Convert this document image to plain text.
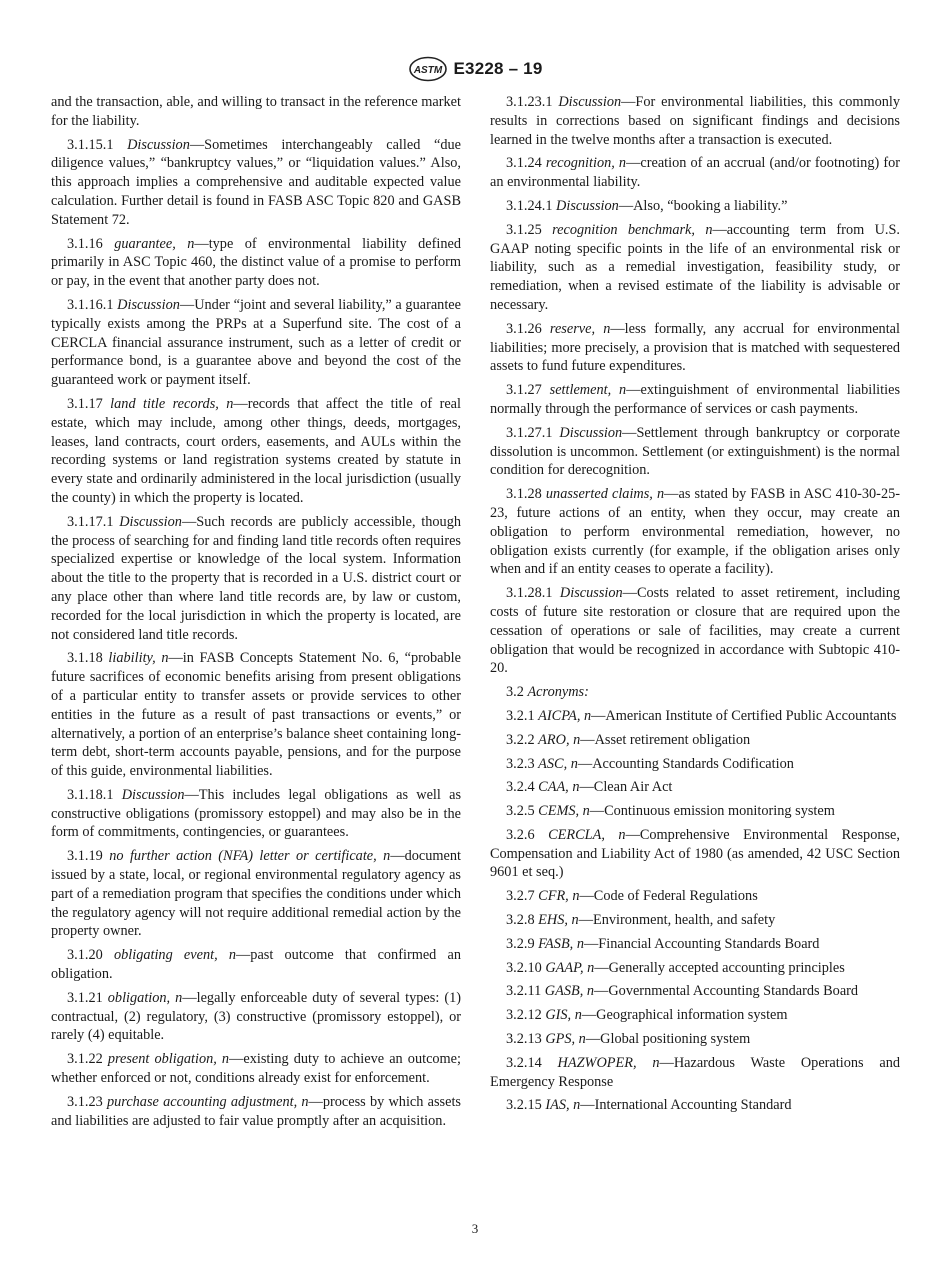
ASTM E3228 – 19

and the transaction, able, and willing to transact in the reference market for the liability.

3.1.15.1 Discussion—Sometimes interchangeably called “due diligence values,” “bankruptcy values,” or “liquidation values.” Also, this approach implies a comprehensive and auditable expected value calculation. Further detail is found in FASB ASC Topic 820 and GASB Statement 72.

3.1.16 guarantee, n—type of environmental liability defined primarily in ASC Topic 460, the distinct value of a promise to perform or pay, in the event that another party does not.

3.1.16.1 Discussion—Under “joint and several liability,” a guarantee typically exists among the PRPs at a Superfund site. The cost of a CERCLA financial assurance instrument, such as a letter of credit or performance bond, is a guarantee above and beyond the cost of the guaranteed work or payment itself.

3.1.17 land title records, n—records that affect the title of real estate, which may include, among other things, deeds, mortgages, leases, land contracts, court orders, easements, and AULs within the recording systems or land registration systems created by statute in every state and ordinarily administered in the local jurisdiction (usually the county) in which the property is located.

3.1.17.1 Discussion—Such records are publicly accessible, though the process of searching for and finding land title records often requires specialized expertise or knowledge of the local system. Information about the title to the property that is recorded in a U.S. district court or any place other than where land title records are, by law or custom, recorded for the local jurisdiction in which the property is located, are not considered land title records.

3.1.18 liability, n—in FASB Concepts Statement No. 6, “probable future sacrifices of economic benefits arising from present obligations of a particular entity to transfer assets or provide services to other entities in the future as a result of past transactions or events,” or alternatively, a portion of an enterprise’s balance sheet containing long-term debt, short-term accounts payable, pensions, and for the purpose of this guide, environmental liabilities.

3.1.18.1 Discussion—This includes legal obligations as well as constructive obligations (promissory estoppel) and may also be in the form of commitments, contingencies, or guarantees.

3.1.19 no further action (NFA) letter or certificate, n—document issued by a state, local, or regional environmental regulatory agency as part of a remediation program that specifies the conditions under which the regulatory agency will not require additional remedial action by the property owner.

3.1.20 obligating event, n—past outcome that confirmed an obligation.

3.1.21 obligation, n—legally enforceable duty of several types: (1) contractual, (2) regulatory, (3) constructive (promissory estoppel), or rarely (4) equitable.

3.1.22 present obligation, n—existing duty to achieve an outcome; whether enforced or not, conditions already exist for enforcement.

3.1.23 purchase accounting adjustment, n—process by which assets and liabilities are adjusted to fair value promptly after an acquisition.

3.1.23.1 Discussion—For environmental liabilities, this commonly results in corrections based on significant findings and decisions learned in the twelve months after a transaction is executed.

3.1.24 recognition, n—creation of an accrual (and/or footnoting) for an environmental liability.

3.1.24.1 Discussion—Also, “booking a liability.”

3.1.25 recognition benchmark, n—accounting term from U.S. GAAP noting specific points in the life of an environmental risk or liability, such as a remedial investigation, feasibility study, or remediation, when a revised estimate of the liability is advisable or necessary.

3.1.26 reserve, n—less formally, any accrual for environmental liabilities; more precisely, a provision that is matched with sequestered assets to fund future expenditures.

3.1.27 settlement, n—extinguishment of environmental liabilities normally through the performance of services or cash payments.

3.1.27.1 Discussion—Settlement through bankruptcy or corporate dissolution is uncommon. Settlement (or extinguishment) is the normal condition for derecognition.

3.1.28 unasserted claims, n—as stated by FASB in ASC 410-30-25-23, future actions of an entity, when they occur, may create an obligation to perform environmental remediation, however, no obligation exists currently (for example, if the obligation arises only when and if an entity ceases to operate a facility).

3.1.28.1 Discussion—Costs related to asset retirement, including costs of future site restoration or closure that are required upon the cessation of operations or sale of facilities, may create a current obligation that would be recognized in accordance with Subtopic 410-20.

3.2 Acronyms:

3.2.1 AICPA, n—American Institute of Certified Public Accountants

3.2.2 ARO, n—Asset retirement obligation

3.2.3 ASC, n—Accounting Standards Codification

3.2.4 CAA, n—Clean Air Act

3.2.5 CEMS, n—Continuous emission monitoring system

3.2.6 CERCLA, n—Comprehensive Environmental Response, Compensation and Liability Act of 1980 (as amended, 42 USC Section 9601 et seq.)

3.2.7 CFR, n—Code of Federal Regulations

3.2.8 EHS, n—Environment, health, and safety

3.2.9 FASB, n—Financial Accounting Standards Board

3.2.10 GAAP, n—Generally accepted accounting principles

3.2.11 GASB, n—Governmental Accounting Standards Board

3.2.12 GIS, n—Geographical information system

3.2.13 GPS, n—Global positioning system

3.2.14 HAZWOPER, n—Hazardous Waste Operations and Emergency Response

3.2.15 IAS, n—International Accounting Standard

3
